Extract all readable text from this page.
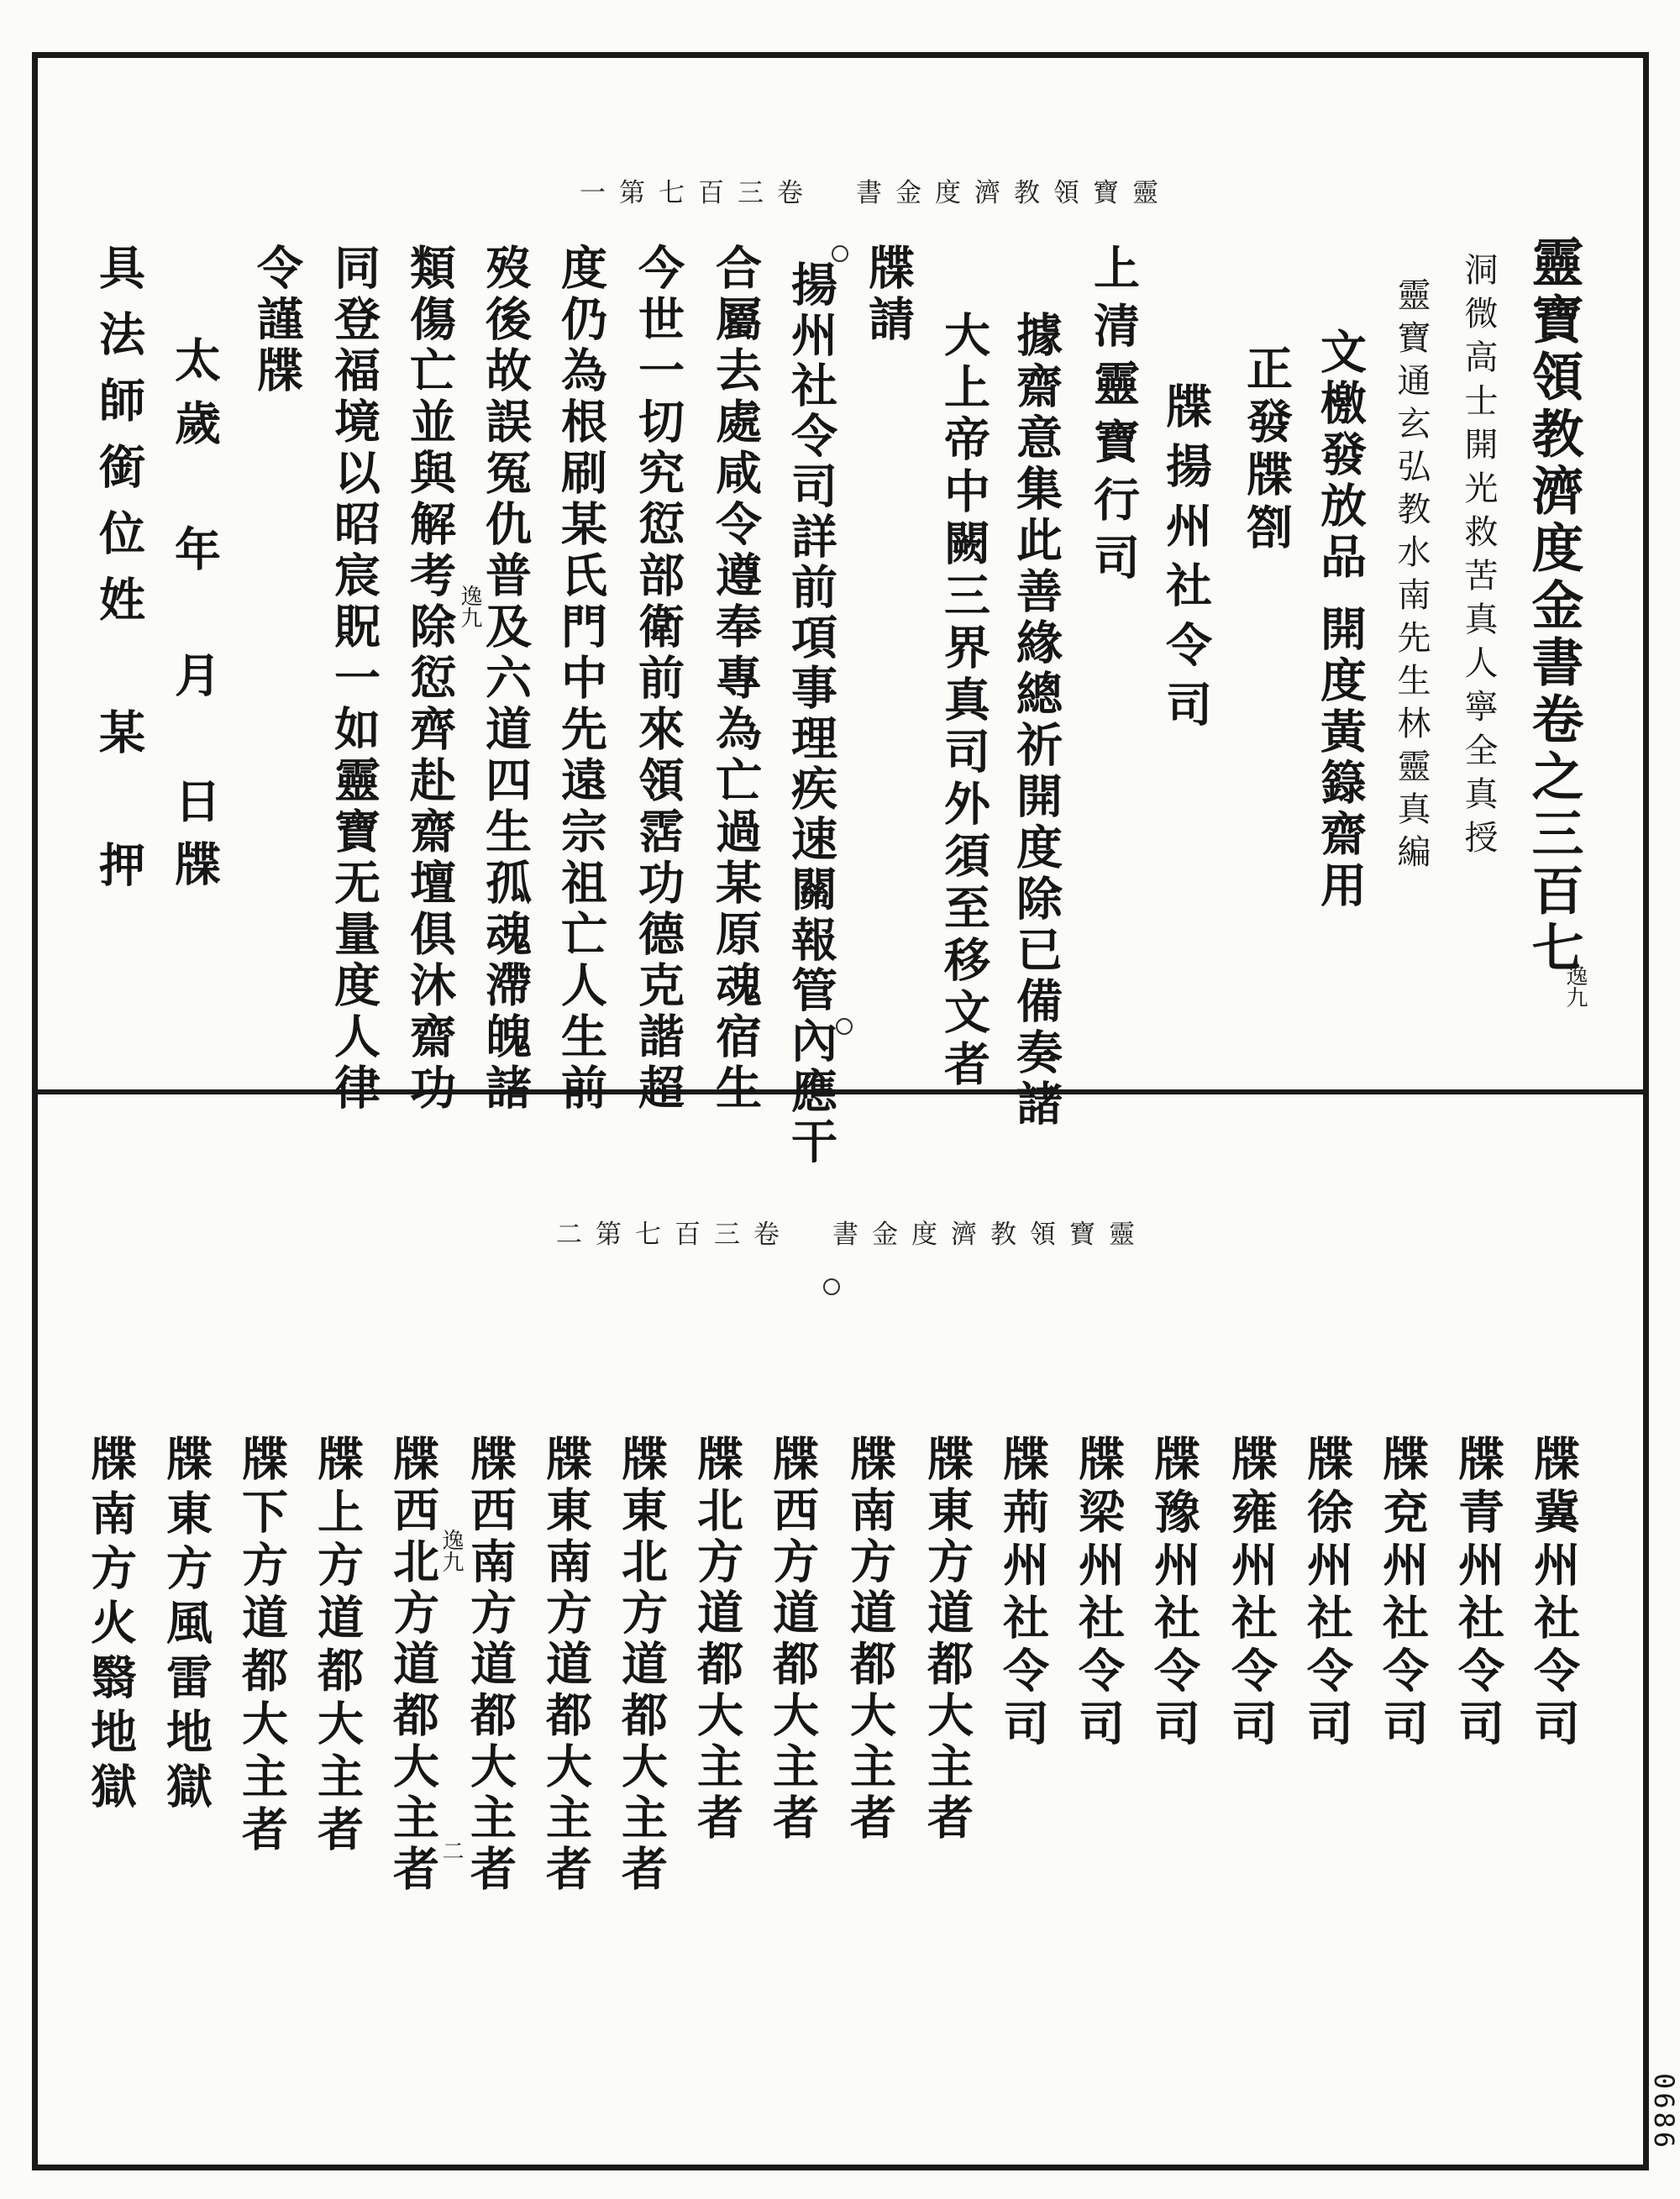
一第七百三卷　書金度濟教領寶靈
靈寶領教濟度金書卷之三百七
洞微高士開光救苦真人寧全真授
靈寶通玄弘教水南先生林靈真編
文檄發放品 開度黃籙齋用
正發牒劄
牒揚州社令司
上清靈寶行司
據齋意集此善緣總祈開度除已備奏諸
大上帝中闕三界真司外須至移文者
牒請
揚州社令司詳前項事理疾速關報管內應干
合屬去處咸令遵奉專為亡過某原魂宿生
今世一切究愆部衛前來領霑功德克諧超
度仍為根刷某氏門中先遠宗祖亡人生前
歿後故誤冤仇普及六道四生孤魂滯魄諸
類傷亡並與解考除愆齊赴齋壇俱沐齋功
同登福境以昭宸貺一如靈寶无量度人律
令謹牒
太歲　年　月　日牒
具法師銜位姓　某　押
逸九
逸九
二第七百三卷　書金度濟教領寶靈
牒冀州社令司
牒青州社令司
牒兗州社令司
牒徐州社令司
牒雍州社令司
牒豫州社令司
牒梁州社令司
牒荊州社令司
牒東方道都大主者
牒南方道都大主者
牒西方道都大主者
牒北方道都大主者
牒東北方道都大主者
牒東南方道都大主者
牒西南方道都大主者
牒西北方道都大主者
牒上方道都大主者
牒下方道都大主者
牒東方風雷地獄
牒南方火翳地獄	逸九
二
0686
